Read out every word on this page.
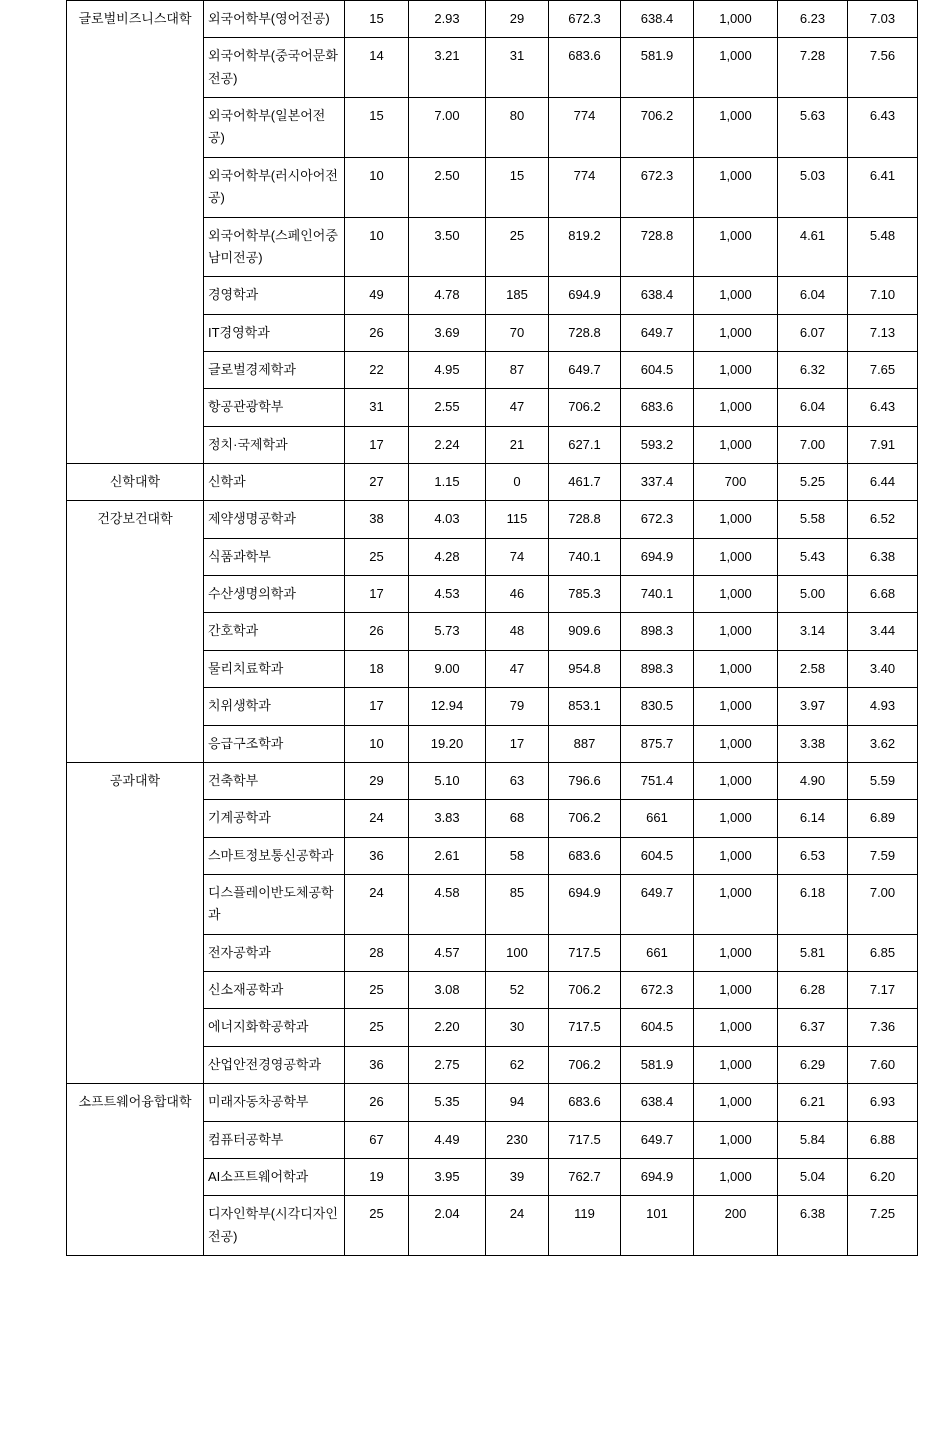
글로벌비즈니스대학	외국어학부(영어전공)	15	2.93	29	672.3	638.4	1,000	6.23	7.03
	외국어학부(중국어문화전공)	14	3.21	31	683.6	581.9	1,000	7.28	7.56
	외국어학부(일본어전공)	15	7.00	80	774	706.2	1,000	5.63	6.43
	외국어학부(러시아어전공)	10	2.50	15	774	672.3	1,000	5.03	6.41
	외국어학부(스페인어중남미전공)	10	3.50	25	819.2	728.8	1,000	4.61	5.48
	경영학과	49	4.78	185	694.9	638.4	1,000	6.04	7.10
	IT경영학과	26	3.69	70	728.8	649.7	1,000	6.07	7.13
	글로벌경제학과	22	4.95	87	649.7	604.5	1,000	6.32	7.65
	항공관광학부	31	2.55	47	706.2	683.6	1,000	6.04	6.43
	정치·국제학과	17	2.24	21	627.1	593.2	1,000	7.00	7.91
신학대학	신학과	27	1.15	0	461.7	337.4	700	5.25	6.44
건강보건대학	제약생명공학과	38	4.03	115	728.8	672.3	1,000	5.58	6.52
	식품과학부	25	4.28	74	740.1	694.9	1,000	5.43	6.38
	수산생명의학과	17	4.53	46	785.3	740.1	1,000	5.00	6.68
	간호학과	26	5.73	48	909.6	898.3	1,000	3.14	3.44
	물리치료학과	18	9.00	47	954.8	898.3	1,000	2.58	3.40
	치위생학과	17	12.94	79	853.1	830.5	1,000	3.97	4.93
	응급구조학과	10	19.20	17	887	875.7	1,000	3.38	3.62
공과대학	건축학부	29	5.10	63	796.6	751.4	1,000	4.90	5.59
	기계공학과	24	3.83	68	706.2	661	1,000	6.14	6.89
	스마트정보통신공학과	36	2.61	58	683.6	604.5	1,000	6.53	7.59
	디스플레이반도체공학과	24	4.58	85	694.9	649.7	1,000	6.18	7.00
	전자공학과	28	4.57	100	717.5	661	1,000	5.81	6.85
	신소재공학과	25	3.08	52	706.2	672.3	1,000	6.28	7.17
	에너지화학공학과	25	2.20	30	717.5	604.5	1,000	6.37	7.36
	산업안전경영공학과	36	2.75	62	706.2	581.9	1,000	6.29	7.60
소프트웨어융합대학	미래자동차공학부	26	5.35	94	683.6	638.4	1,000	6.21	6.93
	컴퓨터공학부	67	4.49	230	717.5	649.7	1,000	5.84	6.88
	AI소프트웨어학과	19	3.95	39	762.7	694.9	1,000	5.04	6.20
	디자인학부(시각디자인전공)	25	2.04	24	119	101	200	6.38	7.25
